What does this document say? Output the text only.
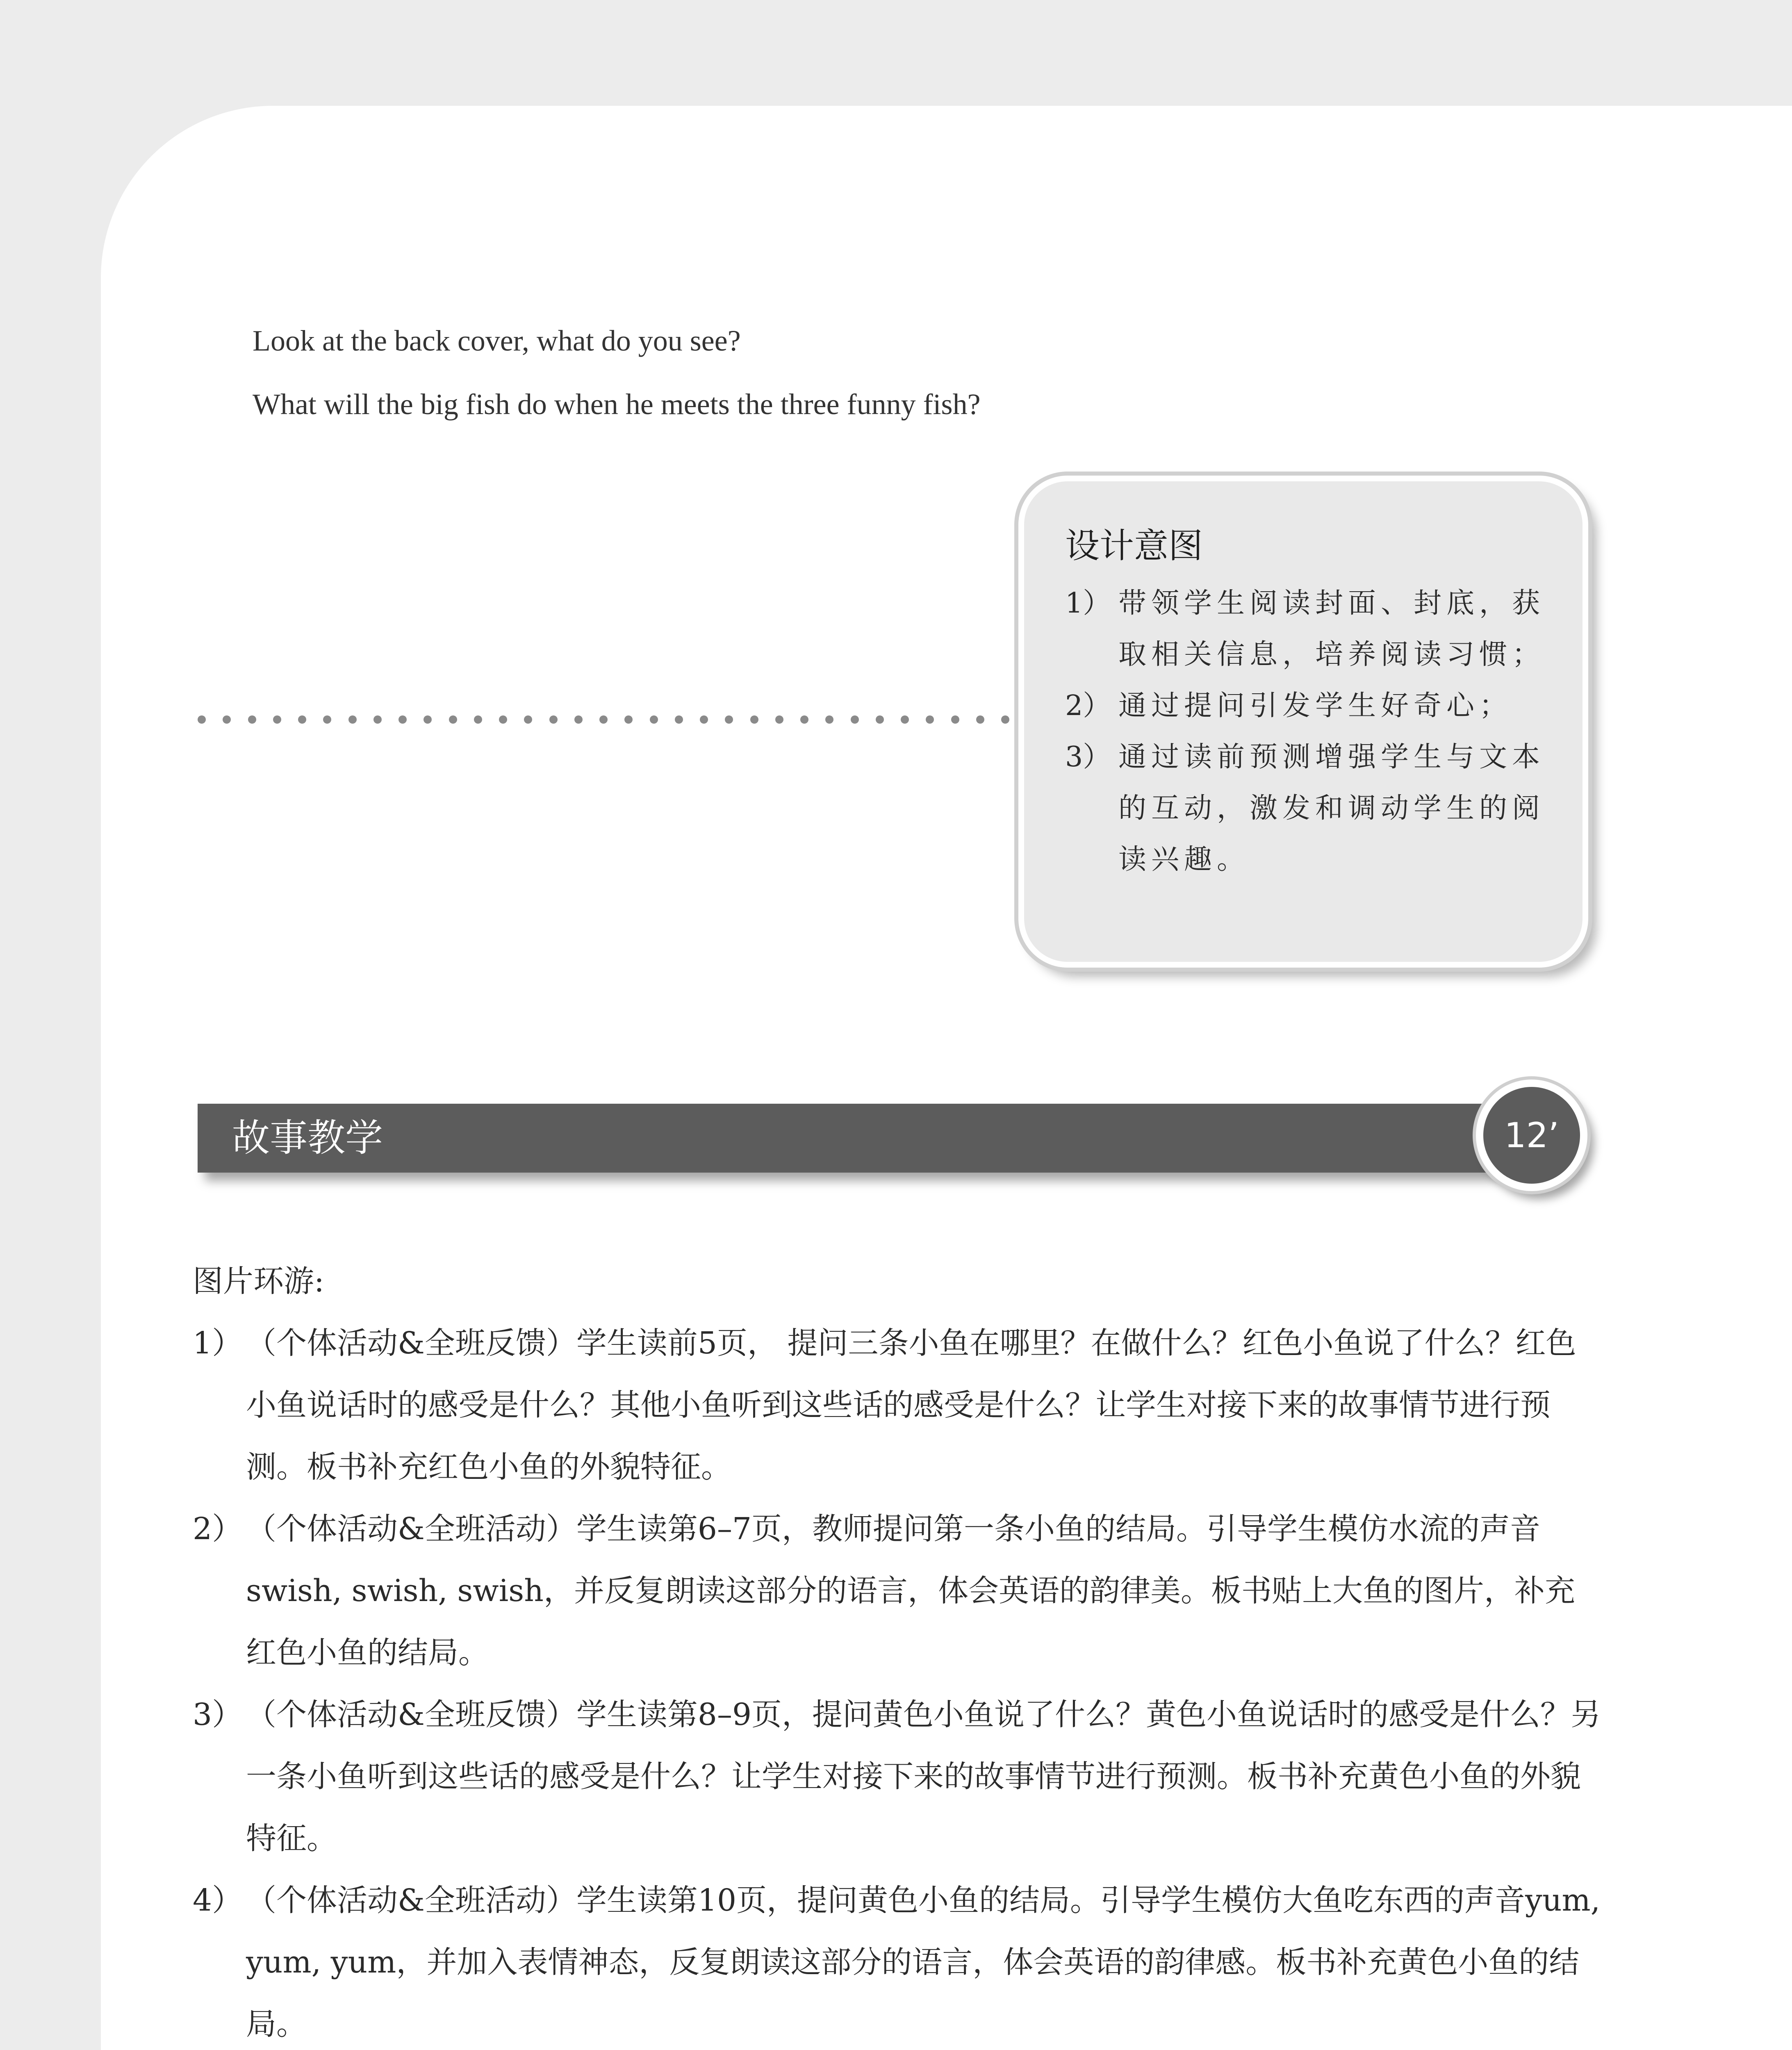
Look at the back cover, what do you see?
What will the big fish do when he meets the three funny fish?
设计意图
1） 带领学生阅读封面、封底，获取相关信息，培养阅读习惯；
2） 通过提问引发学生好奇心；
3） 通过读前预测增强学生与文本的互动，激发和调动学生的阅读兴趣。
故事教学	12’

图片环游:

1） （个体活动&全班反馈）学生读前5页， 提问三条小鱼在哪里？在做什么？红色小鱼说了什么？红色小鱼说话时的感受是什么？其他小鱼听到这些话的感受是什么？让学生对接下来的故事情节进行预测。板书补充红色小鱼的外貌特征。
2） （个体活动&全班活动）学生读第6–7页，教师提问第一条小鱼的结局。引导学生模仿水流的声音swish, swish, swish，并反复朗读这部分的语言，体会英语的韵律美。板书贴上大鱼的图片，补充红色小鱼的结局。
3） （个体活动&全班反馈）学生读第8–9页，提问黄色小鱼说了什么？黄色小鱼说话时的感受是什么？另一条小鱼听到这些话的感受是什么？让学生对接下来的故事情节进行预测。板书补充黄色小鱼的外貌特征。
4） （个体活动&全班活动）学生读第10页，提问黄色小鱼的结局。引导学生模仿大鱼吃东西的声音yum, yum, yum，并加入表情神态，反复朗读这部分的语言，体会英语的韵律感。板书补充黄色小鱼的结局。
